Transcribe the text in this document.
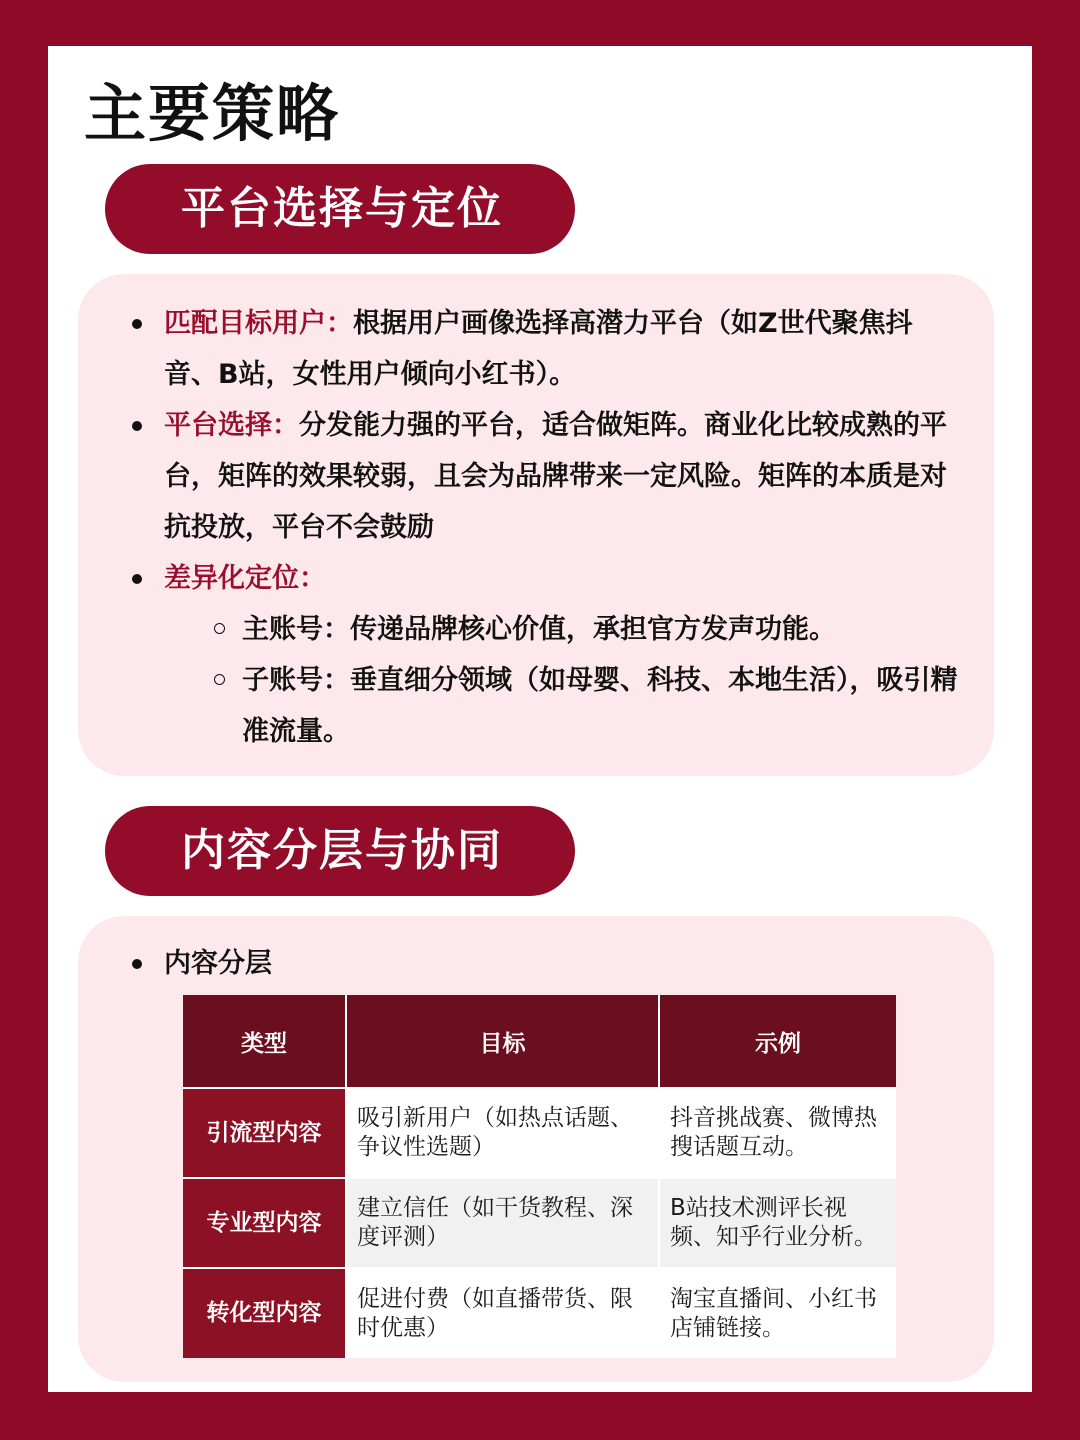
主要策略
平台选择与定位
匹配目标用户：根据用户画像选择高潜力平台（如Z世代聚焦抖音、B站，女性用户倾向小红书）。
平台选择：分发能力强的平台，适合做矩阵。商业化比较成熟的平台，矩阵的效果较弱，且会为品牌带来一定风险。矩阵的本质是对抗投放，平台不会鼓励
差异化定位：
主账号：传递品牌核心价值，承担官方发声功能。
子账号：垂直细分领域（如母婴、科技、本地生活），吸引精准流量。
内容分层与协同
内容分层
类型	目标	示例
引流型内容	吸引新用户（如热点话题、争议性选题）	抖音挑战赛、微博热搜话题互动。
专业型内容	建立信任（如干货教程、深度评测）	B站技术测评长视频、知乎行业分析。
转化型内容	促进付费（如直播带货、限时优惠）	淘宝直播间、小红书店铺链接。
